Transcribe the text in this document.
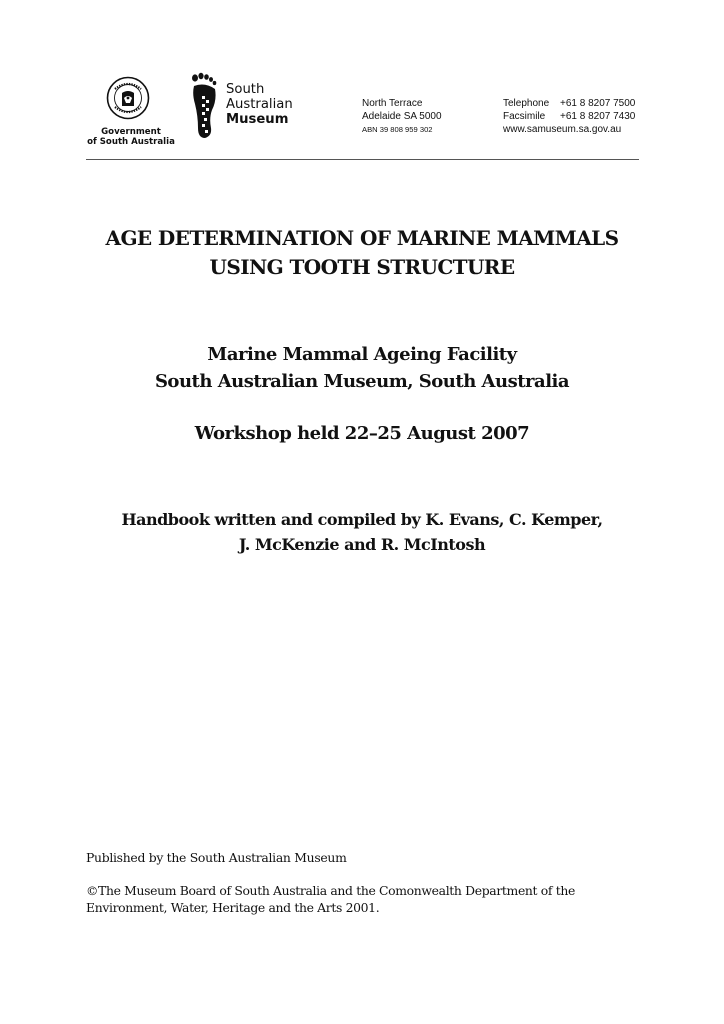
Government
of South Australia
South
Australian
Museum
North Terrace
Adelaide SA 5000
ABN 39 808 959 302
Telephone +61 8 8207 7500
Facsimile +61 8 8207 7430
www.samuseum.sa.gov.au
AGE DETERMINATION OF MARINE MAMMALS
USING TOOTH STRUCTURE
Marine Mammal Ageing Facility
South Australian Museum, South Australia
Workshop held 22–25 August 2007
Handbook written and compiled by K. Evans, C. Kemper,
J. McKenzie and R. McIntosh
Published by the South Australian Museum
©The Museum Board of South Australia and the Comonwealth Department of the
Environment, Water, Heritage and the Arts 2001.
